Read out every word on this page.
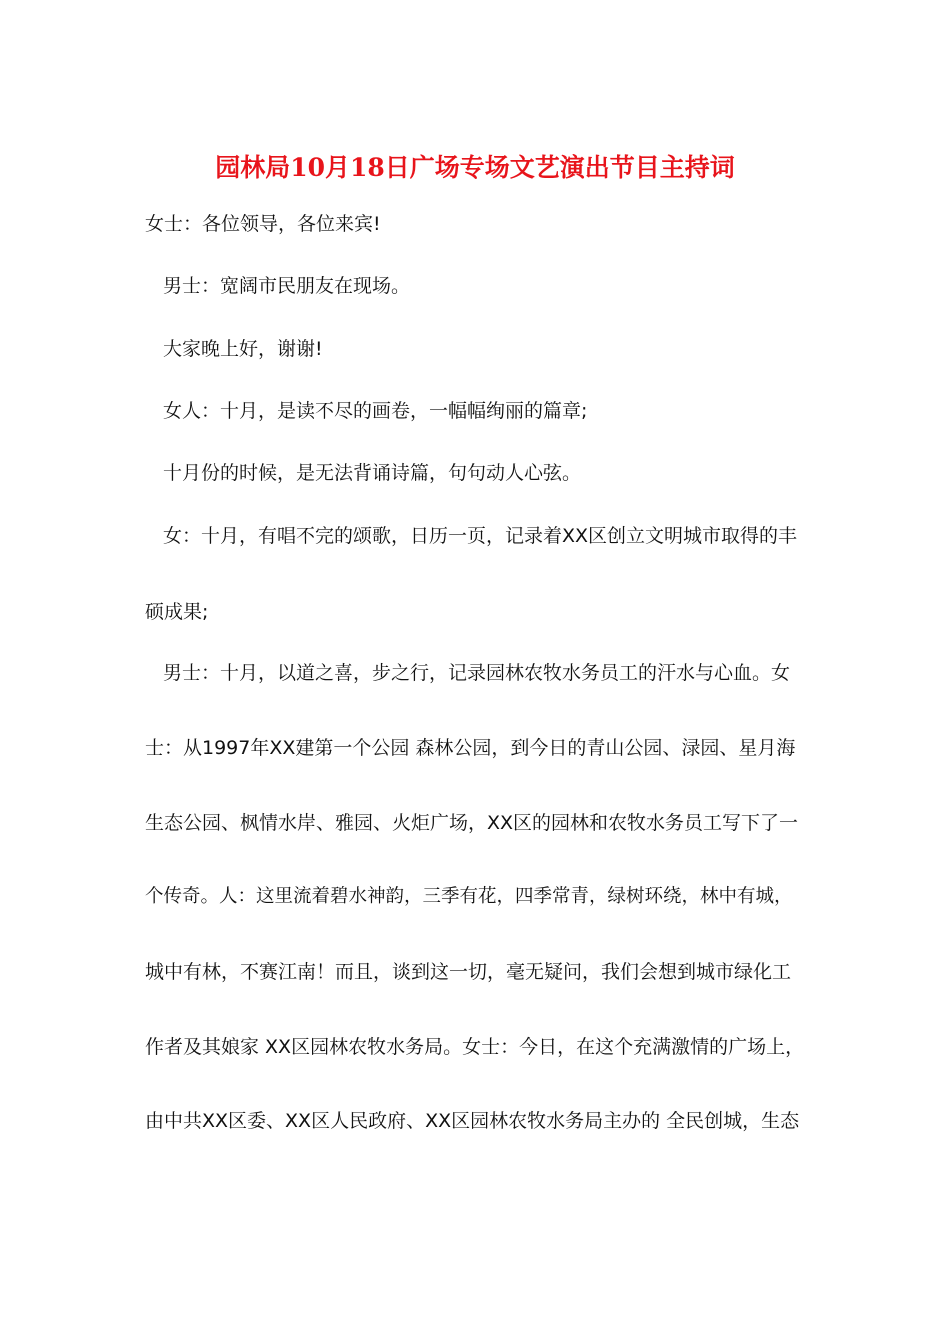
园林局10月18日广场专场文艺演出节目主持词
女士：各位领导，各位来宾!
男士：宽阔市民朋友在现场。
大家晚上好，谢谢!
女人：十月，是读不尽的画卷，一幅幅绚丽的篇章;
十月份的时候，是无法背诵诗篇，句句动人心弦。
女：十月，有唱不完的颂歌，日历一页，记录着XX区创立文明城市取得的丰
硕成果;
男士：十月，以道之喜，步之行，记录园林农牧水务员工的汗水与心血。女
士：从1997年XX建第一个公园 森林公园，到今日的青山公园、渌园、星月海
生态公园、枫情水岸、雅园、火炬广场，XX区的园林和农牧水务员工写下了一
个传奇。人：这里流着碧水神韵，三季有花，四季常青，绿树环绕，林中有城，
城中有林，不赛江南！而且，谈到这一切，毫无疑问，我们会想到城市绿化工
作者及其娘家 XX区园林农牧水务局。女士：今日，在这个充满激情的广场上，
由中共XX区委、XX区人民政府、XX区园林农牧水务局主办的 全民创城，生态
